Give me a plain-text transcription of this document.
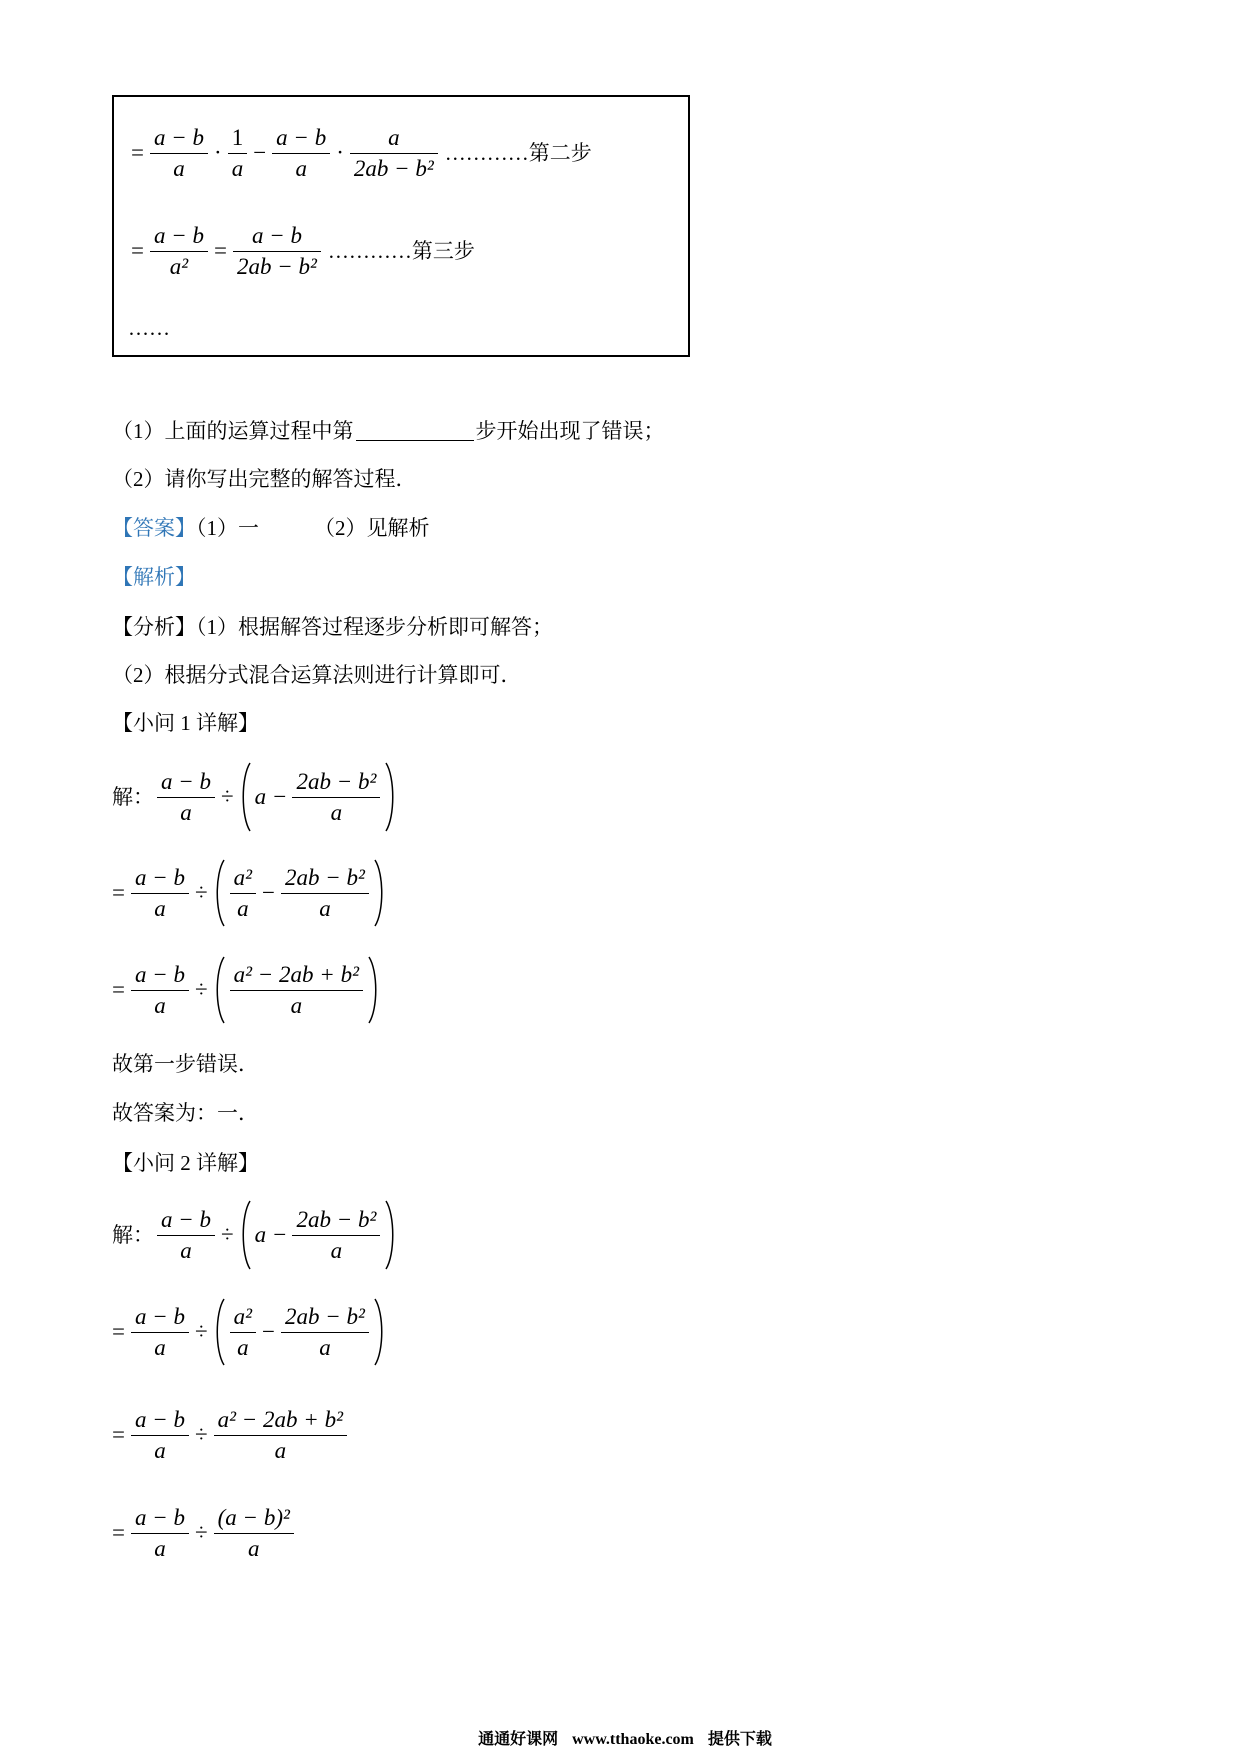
= $\frac{a - b}{a} \cdot \frac{1}{a} - \frac{a - b}{a} \cdot \frac{a}{\text{2ab − b²}}$ …………第二步
= $\frac{a - b}{\text{a²}} = \frac{a - b}{\text{2ab − b²}}$ …………第三步
……
（1）上面的运算过程中第	步开始出现了错误；
（2）请你写出完整的解答过程．
【答案】（1）一	（2）见解析
【解析】
【分析】（1）根据解答过程逐步分析即可解答；
（2）根据分式混合运算法则进行计算即可．
【小问 1 详解】
解： $\frac{a - b}{a} \div a - \frac{\text{2ab − b²}}{a}$
= $\frac{a - b}{a} \div \frac{\text{a²}}{a} - \frac{\text{2ab − b²}}{a}$
= $\frac{a - b}{a} \div \frac{\text{a² − 2ab + b²}}{a}$
故第一步错误．
故答案为：一．
【小问 2 详解】
解： $\frac{a - b}{a} \div a - \frac{\text{2ab − b²}}{a}$
= $\frac{a - b}{a} \div \frac{\text{a²}}{a} - \frac{\text{2ab − b²}}{a}$
= $\frac{a - b}{a} \div \frac{\text{a² − 2ab + b²}}{a}$
= $\frac{a - b}{a} \div \frac{\text{(a − b)²}}{a}$
通通好课网 www.tthaoke.com 提供下载
